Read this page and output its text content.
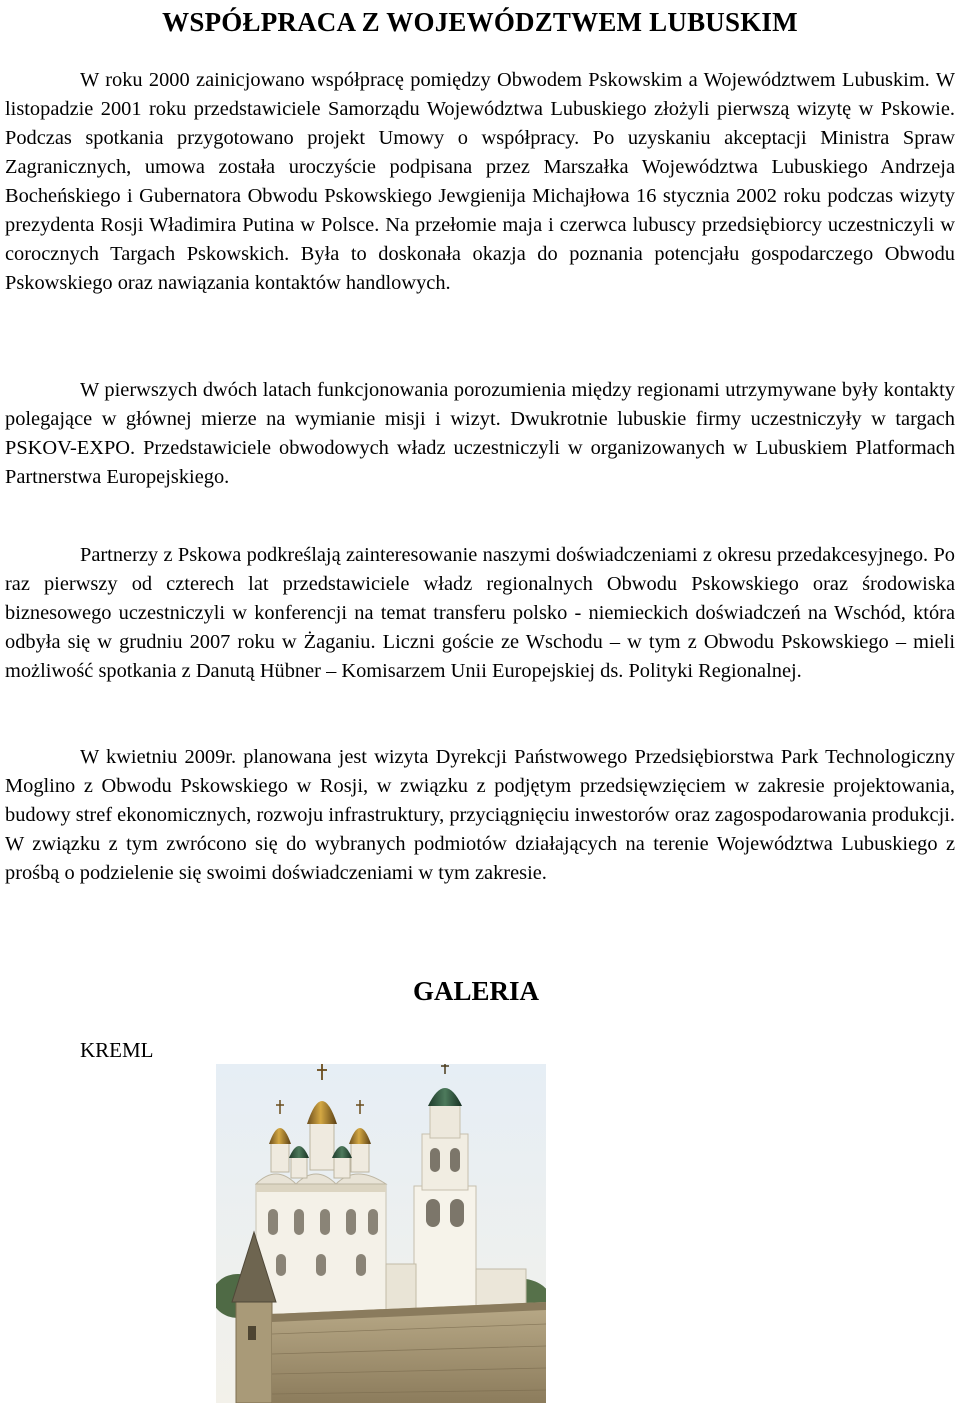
WSPÓŁPRACA Z WOJEWÓDZTWEM LUBUSKIM

W roku 2000 zainicjowano współpracę pomiędzy Obwodem Pskowskim a Województwem Lubuskim. W listopadzie 2001 roku przedstawiciele Samorządu Województwa Lubuskiego złożyli pierwszą wizytę w Pskowie. Podczas spotkania przygotowano projekt Umowy o współpracy. Po uzyskaniu akceptacji Ministra Spraw Zagranicznych, umowa została uroczyście podpisana przez Marszałka Województwa Lubuskiego Andrzeja Bocheńskiego i Gubernatora Obwodu Pskowskiego Jewgienija Michajłowa 16 stycznia 2002 roku podczas wizyty prezydenta Rosji Władimira Putina w Polsce. Na przełomie maja i czerwca lubuscy przedsiębiorcy uczestniczyli w corocznych Targach Pskowskich. Była to doskonała okazja do poznania potencjału gospodarczego Obwodu Pskowskiego oraz nawiązania kontaktów handlowych.

W pierwszych dwóch latach funkcjonowania porozumienia między regionami utrzymywane były kontakty polegające w głównej mierze na wymianie misji i wizyt. Dwukrotnie lubuskie firmy uczestniczyły w targach PSKOV-EXPO. Przedstawiciele obwodowych władz uczestniczyli w organizowanych w Lubuskiem Platformach Partnerstwa Europejskiego.

Partnerzy z Pskowa podkreślają zainteresowanie naszymi doświadczeniami z okresu przedakcesyjnego. Po raz pierwszy od czterech lat przedstawiciele władz regionalnych Obwodu Pskowskiego oraz środowiska biznesowego uczestniczyli w konferencji na temat transferu polsko - niemieckich doświadczeń na Wschód, która odbyła się w grudniu 2007 roku w Żaganiu. Liczni goście ze Wschodu – w tym z Obwodu Pskowskiego – mieli możliwość spotkania z Danutą Hübner – Komisarzem Unii Europejskiej ds. Polityki Regionalnej.

W kwietniu 2009r. planowana jest wizyta Dyrekcji Państwowego Przedsiębiorstwa Park Technologiczny Moglino z Obwodu Pskowskiego w Rosji, w związku z podjętym przedsięwzięciem w zakresie projektowania, budowy stref ekonomicznych, rozwoju infrastruktury, przyciągnięciu inwestorów oraz zagospodarowania produkcji. W związku z tym zwrócono się do wybranych podmiotów działających na terenie Województwa Lubuskiego z prośbą o podzielenie się swoimi doświadczeniami w tym zakresie.

GALERIA

KREML
